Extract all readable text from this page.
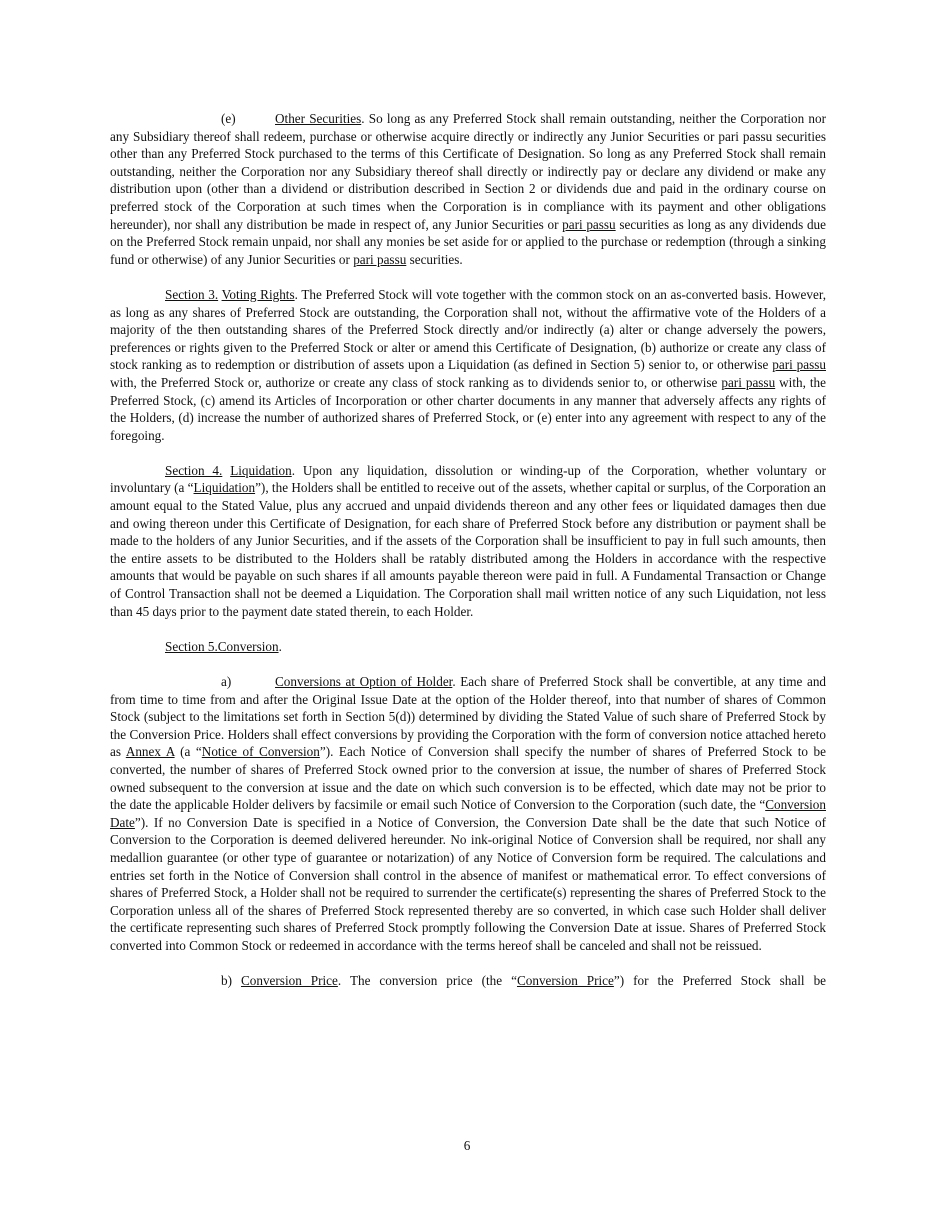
(e)	Other Securities. So long as any Preferred Stock shall remain outstanding, neither the Corporation nor any Subsidiary thereof shall redeem, purchase or otherwise acquire directly or indirectly any Junior Securities or pari passu securities other than any Preferred Stock purchased to the terms of this Certificate of Designation. So long as any Preferred Stock shall remain outstanding, neither the Corporation nor any Subsidiary thereof shall directly or indirectly pay or declare any dividend or make any distribution upon (other than a dividend or distribution described in Section 2 or dividends due and paid in the ordinary course on preferred stock of the Corporation at such times when the Corporation is in compliance with its payment and other obligations hereunder), nor shall any distribution be made in respect of, any Junior Securities or pari passu securities as long as any dividends due on the Preferred Stock remain unpaid, nor shall any monies be set aside for or applied to the purchase or redemption (through a sinking fund or otherwise) of any Junior Securities or pari passu securities.

Section 3. Voting Rights. The Preferred Stock will vote together with the common stock on an as-converted basis. However, as long as any shares of Preferred Stock are outstanding, the Corporation shall not, without the affirmative vote of the Holders of a majority of the then outstanding shares of the Preferred Stock directly and/or indirectly (a) alter or change adversely the powers, preferences or rights given to the Preferred Stock or alter or amend this Certificate of Designation, (b) authorize or create any class of stock ranking as to redemption or distribution of assets upon a Liquidation (as defined in Section 5) senior to, or otherwise pari passu with, the Preferred Stock or, authorize or create any class of stock ranking as to dividends senior to, or otherwise pari passu with, the Preferred Stock, (c) amend its Articles of Incorporation or other charter documents in any manner that adversely affects any rights of the Holders, (d) increase the number of authorized shares of Preferred Stock, or (e) enter into any agreement with respect to any of the foregoing.

Section 4. Liquidation. Upon any liquidation, dissolution or winding-up of the Corporation, whether voluntary or involuntary (a “Liquidation”), the Holders shall be entitled to receive out of the assets, whether capital or surplus, of the Corporation an amount equal to the Stated Value, plus any accrued and unpaid dividends thereon and any other fees or liquidated damages then due and owing thereon under this Certificate of Designation, for each share of Preferred Stock before any distribution or payment shall be made to the holders of any Junior Securities, and if the assets of the Corporation shall be insufficient to pay in full such amounts, then the entire assets to be distributed to the Holders shall be ratably distributed among the Holders in accordance with the respective amounts that would be payable on such shares if all amounts payable thereon were paid in full. A Fundamental Transaction or Change of Control Transaction shall not be deemed a Liquidation. The Corporation shall mail written notice of any such Liquidation, not less than 45 days prior to the payment date stated therein, to each Holder.

Section 5.Conversion.

a)	Conversions at Option of Holder. Each share of Preferred Stock shall be convertible, at any time and from time to time from and after the Original Issue Date at the option of the Holder thereof, into that number of shares of Common Stock (subject to the limitations set forth in Section 5(d)) determined by dividing the Stated Value of such share of Preferred Stock by the Conversion Price. Holders shall effect conversions by providing the Corporation with the form of conversion notice attached hereto as Annex A (a “Notice of Conversion”). Each Notice of Conversion shall specify the number of shares of Preferred Stock to be converted, the number of shares of Preferred Stock owned prior to the conversion at issue, the number of shares of Preferred Stock owned subsequent to the conversion at issue and the date on which such conversion is to be effected, which date may not be prior to the date the applicable Holder delivers by facsimile or email such Notice of Conversion to the Corporation (such date, the “Conversion Date”). If no Conversion Date is specified in a Notice of Conversion, the Conversion Date shall be the date that such Notice of Conversion to the Corporation is deemed delivered hereunder. No ink-original Notice of Conversion shall be required, nor shall any medallion guarantee (or other type of guarantee or notarization) of any Notice of Conversion form be required. The calculations and entries set forth in the Notice of Conversion shall control in the absence of manifest or mathematical error. To effect conversions of shares of Preferred Stock, a Holder shall not be required to surrender the certificate(s) representing the shares of Preferred Stock to the Corporation unless all of the shares of Preferred Stock represented thereby are so converted, in which case such Holder shall deliver the certificate representing such shares of Preferred Stock promptly following the Conversion Date at issue. Shares of Preferred Stock converted into Common Stock or redeemed in accordance with the terms hereof shall be canceled and shall not be reissued.

b) Conversion Price. The conversion price (the “Conversion Price”) for the Preferred Stock shall be

6
